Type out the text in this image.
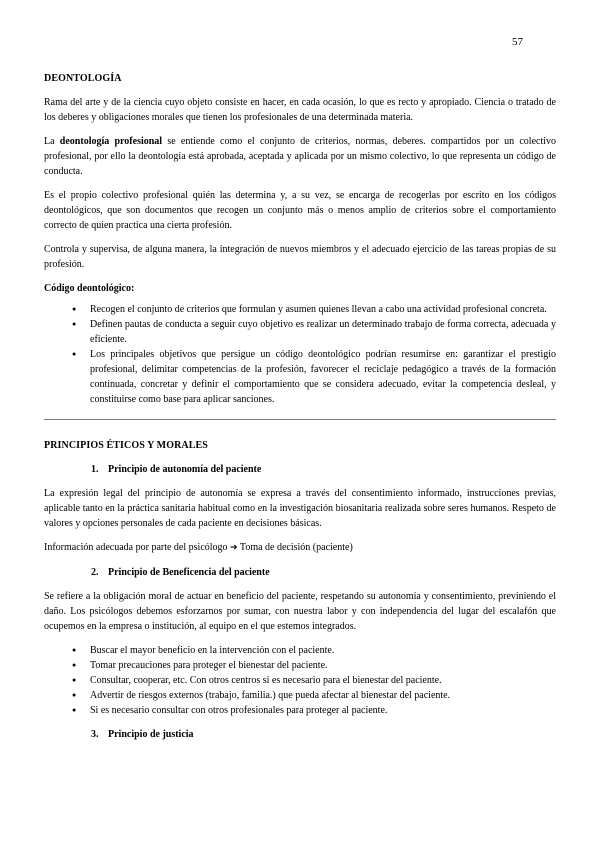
57
DEONTOLOGÍA

Rama del arte y de la ciencia cuyo objeto consiste en hacer, en cada ocasión, lo que es recto y apropiado. Ciencia o tratado de los deberes y obligaciones morales que tienen los profesionales de una determinada materia.

La deontología profesional se entiende como el conjunto de criterios, normas, deberes. compartidos por un colectivo profesional, por ello la deontología está aprobada, aceptada y aplicada por un mismo colectivo, lo que representa un código de conducta.

Es el propio colectivo profesional quién las determina y, a su vez, se encarga de recogerlas por escrito en los códigos deontológicos, que son documentos que recogen un conjunto más o menos amplio de criterios sobre el comportamiento correcto de quien practica una cierta profesión.

Controla y supervisa, de alguna manera, la integración de nuevos miembros y el adecuado ejercicio de las tareas propias de su profesión.

Código deontológico:

● Recogen el conjunto de criterios que formulan y asumen quienes llevan a cabo una actividad profesional concreta.
● Definen pautas de conducta a seguir cuyo objetivo es realizar un determinado trabajo de forma correcta, adecuada y eficiente.
● Los principales objetivos que persigue un código deontológico podrían resumirse en: garantizar el prestigio profesional, delimitar competencias de la profesión, favorecer el reciclaje pedagógico a través de la formación continuada, concretar y definir el comportamiento que se considera adecuado, evitar la competencia desleal, y constituirse como base para aplicar sanciones.
PRINCIPIOS ÉTICOS Y MORALES
1. Principio de autonomía del paciente

La expresión legal del principio de autonomía se expresa a través del consentimiento informado, instrucciones previas, aplicable tanto en la práctica sanitaria habitual como en la investigación biosanitaria realizada sobre seres humanos. Respeto de valores y opciones personales de cada paciente en decisiones básicas.

Información adecuada por parte del psicólogo ➔ Toma de decisión (paciente)

2. Principio de Beneficencia del paciente

Se refiere a la obligación moral de actuar en beneficio del paciente, respetando su autonomía y consentimiento, previniendo el daño. Los psicólogos debemos esforzarnos por sumar, con nuestra labor y con independencia del lugar del escalafón que ocupemos en la empresa o institución, al equipo en el que estemos integrados.

● Buscar el mayor beneficio en la intervención con el paciente.
● Tomar precauciones para proteger el bienestar del paciente.
● Consultar, cooperar, etc. Con otros centros si es necesario para el bienestar del paciente.
● Advertir de riesgos externos (trabajo, familia.) que pueda afectar al bienestar del paciente.
● Si es necesario consultar con otros profesionales para proteger al paciente.
3. Principio de justicia
